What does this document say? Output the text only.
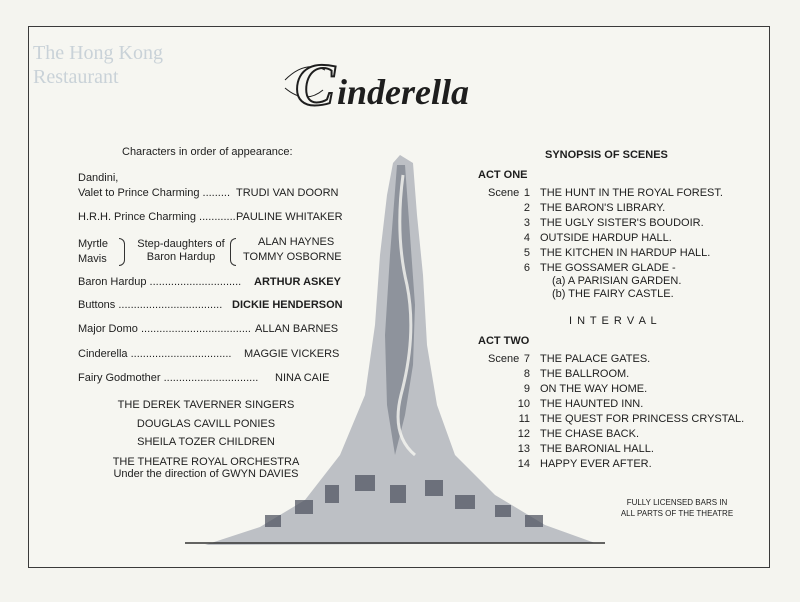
The Hong Kong
Restaurant	C inderella
Characters in order of appearance:
Dandini,
Valet to Prince Charming ......... TRUDI VAN DOORN
H.R.H. Prince Charming ............ PAULINE WHITAKER
Myrtle
Mavis
Step-daughters of
Baron Hardup
ALAN HAYNES
TOMMY OSBORNE
Baron Hardup .............................. ARTHUR ASKEY
Buttons .................................. DICKIE HENDERSON
Major Domo .................................... ALLAN BARNES
Cinderella ................................. MAGGIE VICKERS
Fairy Godmother ............................... NINA CAIE
THE DEREK TAVERNER SINGERS
DOUGLAS CAVILL PONIES
SHEILA TOZER CHILDREN
THE THEATRE ROYAL ORCHESTRA
Under the direction of GWYN DAVIES
SYNOPSIS OF SCENES
ACT ONE
Scene 1 THE HUNT IN THE ROYAL FOREST.
2 THE BARON'S LIBRARY.
3 THE UGLY SISTER'S BOUDOIR.
4 OUTSIDE HARDUP HALL.
5 THE KITCHEN IN HARDUP HALL.
6 THE GOSSAMER GLADE -
(a) A PARISIAN GARDEN.
(b) THE FAIRY CASTLE.
I N T E R V A L
ACT TWO
Scene 7 THE PALACE GATES.
8 THE BALLROOM.
9 ON THE WAY HOME.
10 THE HAUNTED INN.
11 THE QUEST FOR PRINCESS CRYSTAL.
12 THE CHASE BACK.
13 THE BARONIAL HALL.
14 HAPPY EVER AFTER.
FULLY LICENSED BARS IN
ALL PARTS OF THE THEATRE
